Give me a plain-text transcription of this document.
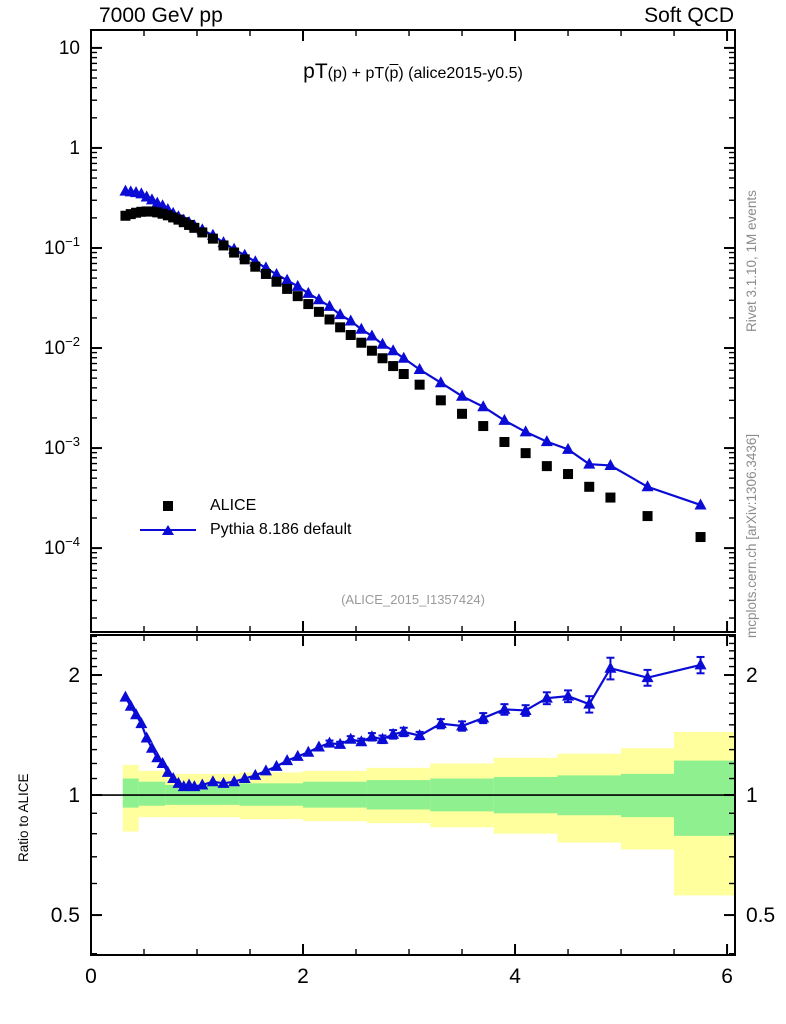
7000 GeV pp	Soft QCD
0	2	4	6
10
1
$10^{-1}$
$10^{-2}$
$10^{-3}$
$10^{-4}$
2	2
1	1
0.5	0.5
$pT(p) + pT(\overline{p})$ (alice2015-y0.5)
ALICE
Pythia 8.186 default
(ALICE_2015_I1357424)
Rivet 3.1.10, 1M events
mcplots.cern.ch [arXiv:1306.3436]
Ratio to ALICE
